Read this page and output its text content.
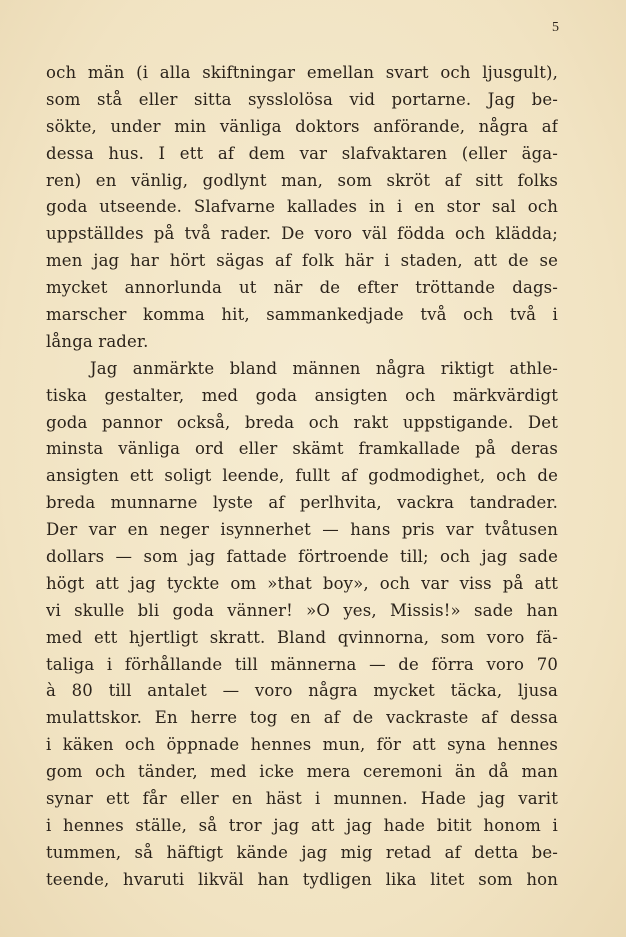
5
och män (i alla skiftningar emellan svart och ljusgult),
som stå eller sitta sysslolösa vid portarne. Jag be-
sökte, under min vänliga doktors anförande, några af
dessa hus. I ett af dem var slafvaktaren (eller äga-
ren) en vänlig, godlynt man, som skröt af sitt folks
goda utseende. Slafvarne kallades in i en stor sal och
uppställdes på två rader. De voro väl födda och klädda;
men jag har hört sägas af folk här i staden, att de se
mycket annorlunda ut när de efter tröttande dags-
marscher komma hit, sammankedjade två och två i
långa rader.
Jag anmärkte bland männen några riktigt athle-
tiska gestalter, med goda ansigten och märkvärdigt
goda pannor också, breda och rakt uppstigande. Det
minsta vänliga ord eller skämt framkallade på deras
ansigten ett soligt leende, fullt af godmodighet, och de
breda munnarne lyste af perlhvita, vackra tandrader.
Der var en neger isynnerhet — hans pris var tvåtusen
dollars — som jag fattade förtroende till; och jag sade
högt att jag tyckte om »that boy», och var viss på att
vi skulle bli goda vänner! »O yes, Missis!» sade han
med ett hjertligt skratt. Bland qvinnorna, som voro fä-
taliga i förhållande till männerna — de förra voro 70
à 80 till antalet — voro några mycket täcka, ljusa
mulattskor. En herre tog en af de vackraste af dessa
i käken och öppnade hennes mun, för att syna hennes
gom och tänder, med icke mera ceremoni än då man
synar ett får eller en häst i munnen. Hade jag varit
i hennes ställe, så tror jag att jag hade bitit honom i
tummen, så häftigt kände jag mig retad af detta be-
teende, hvaruti likväl han tydligen lika litet som hon
